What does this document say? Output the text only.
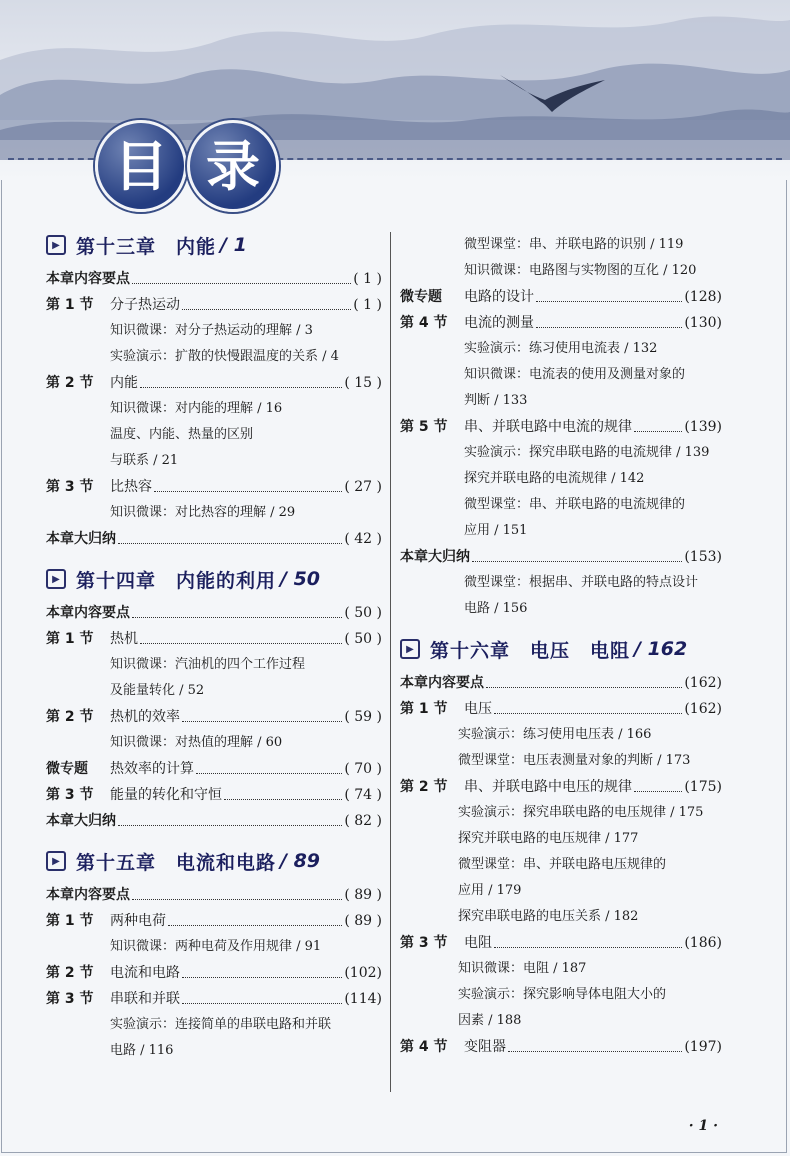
目 录
▶ 第十三章　内能 / 1
本章内容要点	( 1 )
第 1 节	分子热运动	( 1 )
知识微课：对分子热运动的理解 / 3
实验演示：扩散的快慢跟温度的关系 / 4
第 2 节	内能	( 15 )
知识微课：对内能的理解 / 16
温度、内能、热量的区别
与联系 / 21
第 3 节	比热容	( 27 )
知识微课：对比热容的理解 / 29
本章大归纳	( 42 )
▶ 第十四章　内能的利用 / 50
本章内容要点	( 50 )
第 1 节	热机	( 50 )
知识微课：汽油机的四个工作过程
及能量转化 / 52
第 2 节	热机的效率	( 59 )
知识微课：对热值的理解 / 60
微专题	热效率的计算	( 70 )
第 3 节	能量的转化和守恒	( 74 )
本章大归纳	( 82 )
▶ 第十五章　电流和电路 / 89
本章内容要点	( 89 )
第 1 节	两种电荷	( 89 )
知识微课：两种电荷及作用规律 / 91
第 2 节	电流和电路	(102)
第 3 节	串联和并联	(114)
实验演示：连接简单的串联电路和并联
电路 / 116
微型课堂：串、并联电路的识别 / 119
知识微课：电路图与实物图的互化 / 120
微专题	电路的设计	(128)
第 4 节	电流的测量	(130)
实验演示：练习使用电流表 / 132
知识微课：电流表的使用及测量对象的
判断 / 133
第 5 节	串、并联电路中电流的规律	(139)
实验演示：探究串联电路的电流规律 / 139
探究并联电路的电流规律 / 142
微型课堂：串、并联电路的电流规律的
应用 / 151
本章大归纳	(153)
微型课堂：根据串、并联电路的特点设计
电路 / 156
▶ 第十六章　电压　电阻 / 162
本章内容要点	(162)
第 1 节	电压	(162)
实验演示：练习使用电压表 / 166
微型课堂：电压表测量对象的判断 / 173
第 2 节	串、并联电路中电压的规律	(175)
实验演示：探究串联电路的电压规律 / 175
探究并联电路的电压规律 / 177
微型课堂：串、并联电路电压规律的
应用 / 179
探究串联电路的电压关系 / 182
第 3 节	电阻	(186)
知识微课：电阻 / 187
实验演示：探究影响导体电阻大小的
因素 / 188
第 4 节	变阻器	(197)
· 1 ·
